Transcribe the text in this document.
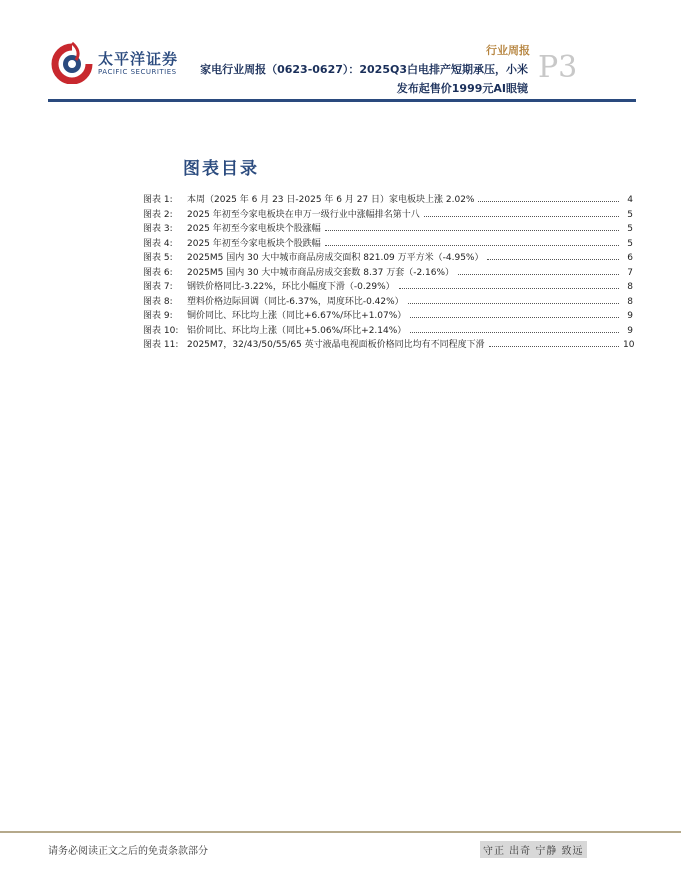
太平洋证券
PACIFIC SECURITIES
行业周报
家电行业周报（0623-0627）：2025Q3白电排产短期承压，小米
发布起售价1999元AI眼镜
P3
图表目录
图表 1:	本周（2025 年 6 月 23 日-2025 年 6 月 27 日）家电板块上涨 2.02%	4
图表 2:	2025 年初至今家电板块在申万一级行业中涨幅排名第十八	5
图表 3:	2025 年初至今家电板块个股涨幅	5
图表 4:	2025 年初至今家电板块个股跌幅	5
图表 5:	2025M5 国内 30 大中城市商品房成交面积 821.09 万平方米（-4.95%）	6
图表 6:	2025M5 国内 30 大中城市商品房成交套数 8.37 万套（-2.16%）	7
图表 7:	钢铁价格同比-3.22%，环比小幅度下滑（-0.29%）	8
图表 8:	塑料价格边际回调（同比-6.37%，周度环比-0.42%）	8
图表 9:	铜价同比、环比均上涨（同比+6.67%/环比+1.07%）	9
图表 10: 铝价同比、环比均上涨（同比+5.06%/环比+2.14%）	9
图表 11: 2025M7，32/43/50/55/65 英寸液晶电视面板价格同比均有不同程度下滑	10
请务必阅读正文之后的免责条款部分	守正 出奇 宁静 致远
